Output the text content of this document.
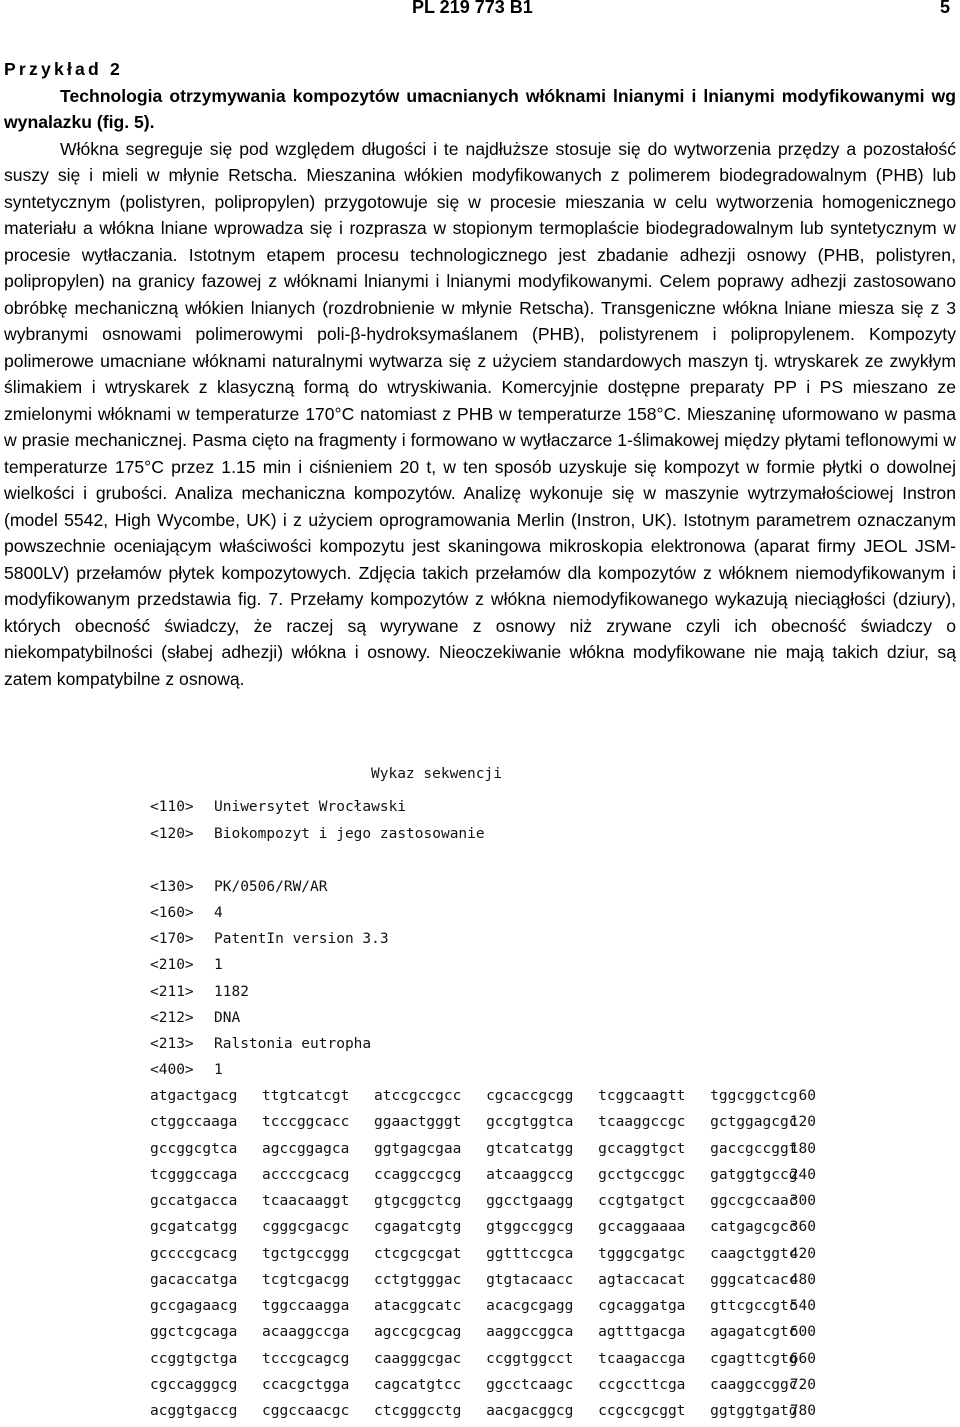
PL 219 773 B1	5

Przykład 2

Technologia otrzymywania kompozytów umacnianych włóknami lnianymi i lnianymi modyfikowanymi wg wynalazku (fig. 5).

Włókna segreguje się pod względem długości i te najdłuższe stosuje się do wytworzenia przędzy a pozostałość suszy się i mieli w młynie Retscha. Mieszanina włókien modyfikowanych z polimerem biodegradowalnym (PHB) lub syntetycznym (polistyren, polipropylen) przygotowuje się w procesie mieszania w celu wytworzenia homogenicznego materiału a włókna lniane wprowadza się i rozprasza w stopionym termoplaście biodegradowalnym lub syntetycznym w procesie wytłaczania. Istotnym etapem procesu technologicznego jest zbadanie adhezji osnowy (PHB, polistyren, polipropylen) na granicy fazowej z włóknami lnianymi i lnianymi modyfikowanymi. Celem poprawy adhezji zastosowano obróbkę mechaniczną włókien lnianych (rozdrobnienie w młynie Retscha). Transgeniczne włókna lniane miesza się z 3 wybranymi osnowami polimerowymi poli-β-hydroksymaślanem (PHB), polistyrenem i polipropylenem. Kompozyty polimerowe umacniane włóknami naturalnymi wytwarza się z użyciem standardowych maszyn tj. wtryskarek ze zwykłym ślimakiem i wtryskarek z klasyczną formą do wtryskiwania. Komercyjnie dostępne preparaty PP i PS mieszano ze zmielonymi włóknami w temperaturze 170°C natomiast z PHB w temperaturze 158°C. Mieszaninę uformowano w pasma w prasie mechanicznej. Pasma cięto na fragmenty i formowano w wytłaczarce 1-ślimakowej między płytami teflonowymi w temperaturze 175°C przez 1.15 min i ciśnieniem 20 t, w ten sposób uzyskuje się kompozyt w formie płytki o dowolnej wielkości i grubości. Analiza mechaniczna kompozytów. Analizę wykonuje się w maszynie wytrzymałościowej Instron (model 5542, High Wycombe, UK) i z użyciem oprogramowania Merlin (Instron, UK). Istotnym parametrem oznaczanym powszechnie oceniającym właściwości kompozytu jest skaningowa mikroskopia elektronowa (aparat firmy JEOL JSM-5800LV) przełamów płytek kompozytowych. Zdjęcia takich przełamów dla kompozytów z włóknem niemodyfikowanym i modyfikowanym przedstawia fig. 7. Przełamy kompozytów z włókna niemodyfikowanego wykazują nieciągłości (dziury), których obecność świadczy, że raczej są wyrywane z osnowy niż zrywane czyli ich obecność świadczy o niekompatybilności (słabej adhezji) włókna i osnowy. Nieoczekiwanie włókna modyfikowane nie mają takich dziur, są zatem kompatybilne z osnową.

Wykaz sekwencji
<110> Uniwersytet Wrocławski
<120> Biokompozyt i jego zastosowanie
<130> PK/0506/RW/AR
<160> 4
<170> PatentIn version 3.3
<210> 1
<211> 1182
<212> DNA
<213> Ralstonia eutropha
<400> 1
atgactgacg ttgtcatcgt atccgccgcc cgcaccgcgg tcggcaagtt tggcggctcg 60
ctggccaaga tcccggcacc ggaactgggt gccgtggtca tcaaggccgc gctggagcgc
120
gccggcgtca agccggagca ggtgagcgaa gtcatcatgg gccaggtgct gaccgccggt
180
tcgggccaga accccgcacg ccaggccgcg atcaaggccg gcctgccggc gatggtgccg
240
gccatgacca tcaacaaggt gtgcggctcg ggcctgaagg ccgtgatgct ggccgccaac
300
gcgatcatgg cgggcgacgc cgagatcgtg gtggccggcg gccaggaaaa catgagcgcc
360
gccccgcacg tgctgccggg ctcgcgcgat ggtttccgca tgggcgatgc caagctggtc
420
gacaccatga tcgtcgacgg cctgtgggac gtgtacaacc agtaccacat gggcatcacc
480
gccgagaacg tggccaagga atacggcatc acacgcgagg cgcaggatga gttcgccgtc
540
ggctcgcaga acaaggccga agccgcgcag aaggccggca agtttgacga agagatcgtc
600
ccggtgctga tcccgcagcg caagggcgac ccggtggcct tcaagaccga cgagttcgtg
660
cgccagggcg ccacgctgga cagcatgtcc ggcctcaagc ccgccttcga caaggccggc
720
acggtgaccg cggccaacgc ctcgggcctg aacgacggcg ccgccgcggt ggtggtgatg
780
